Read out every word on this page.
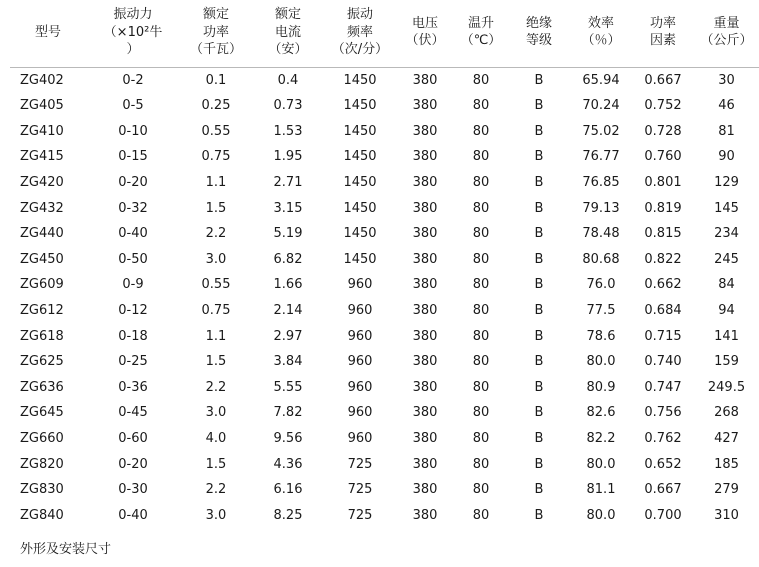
型号	振动力
（×10²牛
）	额定
功率
（千瓦）	额定
电流
（安）	振动
频率
（次/分）	电压
（伏）	温升
（℃）	绝缘
等级	效率
（％）	功率
因素	重量
（公斤）

ZG402	0-2	0.1	0.4	1450	380	80	B	65.94	0.667	30
ZG405	0-5	0.25	0.73	1450	380	80	B	70.24	0.752	46
ZG410	0-10	0.55	1.53	1450	380	80	B	75.02	0.728	81
ZG415	0-15	0.75	1.95	1450	380	80	B	76.77	0.760	90
ZG420	0-20	1.1	2.71	1450	380	80	B	76.85	0.801	129
ZG432	0-32	1.5	3.15	1450	380	80	B	79.13	0.819	145
ZG440	0-40	2.2	5.19	1450	380	80	B	78.48	0.815	234
ZG450	0-50	3.0	6.82	1450	380	80	B	80.68	0.822	245
ZG609	0-9	0.55	1.66	960	380	80	B	76.0	0.662	84
ZG612	0-12	0.75	2.14	960	380	80	B	77.5	0.684	94
ZG618	0-18	1.1	2.97	960	380	80	B	78.6	0.715	141
ZG625	0-25	1.5	3.84	960	380	80	B	80.0	0.740	159
ZG636	0-36	2.2	5.55	960	380	80	B	80.9	0.747	249.5
ZG645	0-45	3.0	7.82	960	380	80	B	82.6	0.756	268
ZG660	0-60	4.0	9.56	960	380	80	B	82.2	0.762	427
ZG820	0-20	1.5	4.36	725	380	80	B	80.0	0.652	185
ZG830	0-30	2.2	6.16	725	380	80	B	81.1	0.667	279
ZG840	0-40	3.0	8.25	725	380	80	B	80.0	0.700	310
外形及安装尺寸
